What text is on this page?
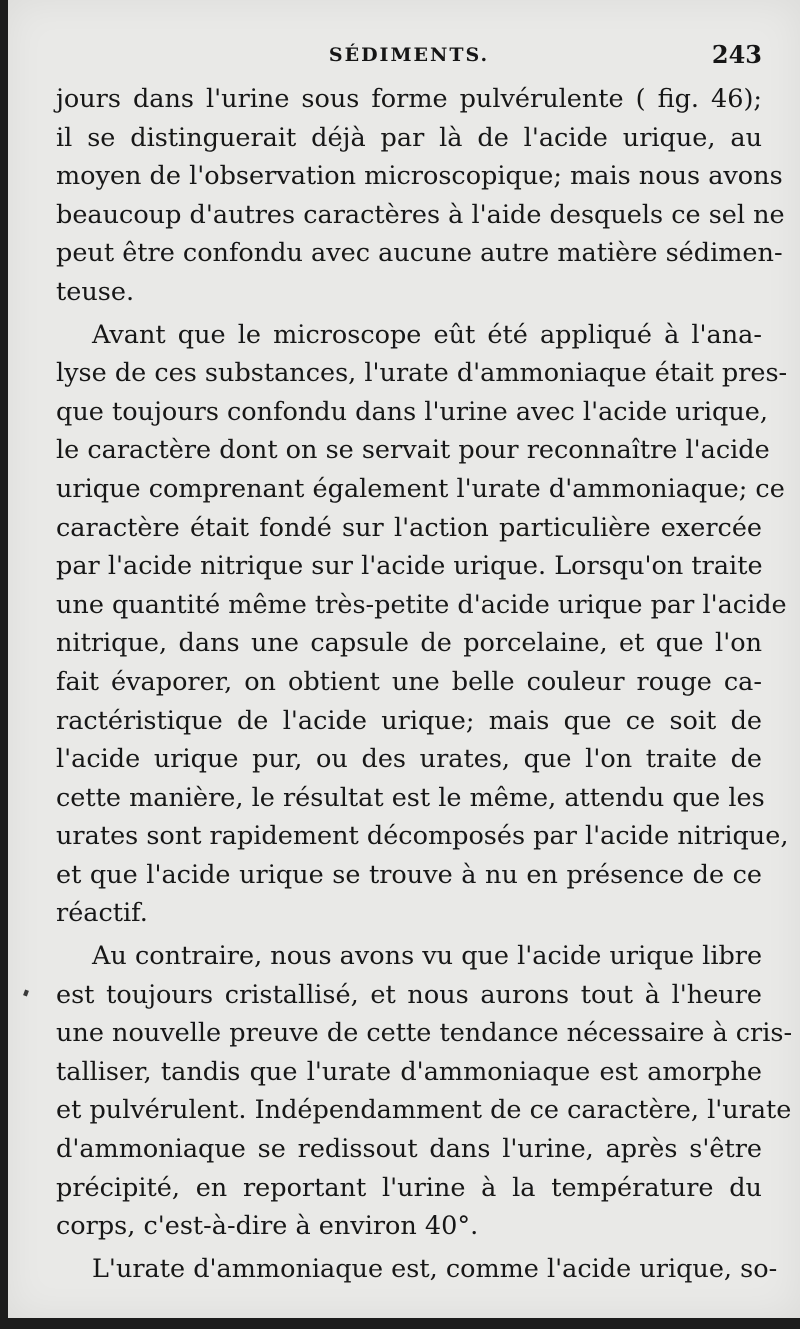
SÉDIMENTS.	243
jours dans l'urine sous forme pulvérulente ( fig. 46);
il se distinguerait déjà par là de l'acide urique, au
moyen de l'observation microscopique; mais nous avons
beaucoup d'autres caractères à l'aide desquels ce sel ne
peut être confondu avec aucune autre matière sédimen-
teuse.
Avant que le microscope eût été appliqué à l'ana-
lyse de ces substances, l'urate d'ammoniaque était pres-
que toujours confondu dans l'urine avec l'acide urique,
le caractère dont on se servait pour reconnaître l'acide
urique comprenant également l'urate d'ammoniaque; ce
caractère était fondé sur l'action particulière exercée
par l'acide nitrique sur l'acide urique. Lorsqu'on traite
une quantité même très-petite d'acide urique par l'acide
nitrique, dans une capsule de porcelaine, et que l'on
fait évaporer, on obtient une belle couleur rouge ca-
ractéristique de l'acide urique; mais que ce soit de
l'acide urique pur, ou des urates, que l'on traite de
cette manière, le résultat est le même, attendu que les
urates sont rapidement décomposés par l'acide nitrique,
et que l'acide urique se trouve à nu en présence de ce
réactif.
Au contraire, nous avons vu que l'acide urique libre
est toujours cristallisé, et nous aurons tout à l'heure
une nouvelle preuve de cette tendance nécessaire à cris-
talliser, tandis que l'urate d'ammoniaque est amorphe
et pulvérulent. Indépendamment de ce caractère, l'urate
d'ammoniaque se redissout dans l'urine, après s'être
précipité, en reportant l'urine à la température du
corps, c'est-à-dire à environ 40°.
L'urate d'ammoniaque est, comme l'acide urique, so-
